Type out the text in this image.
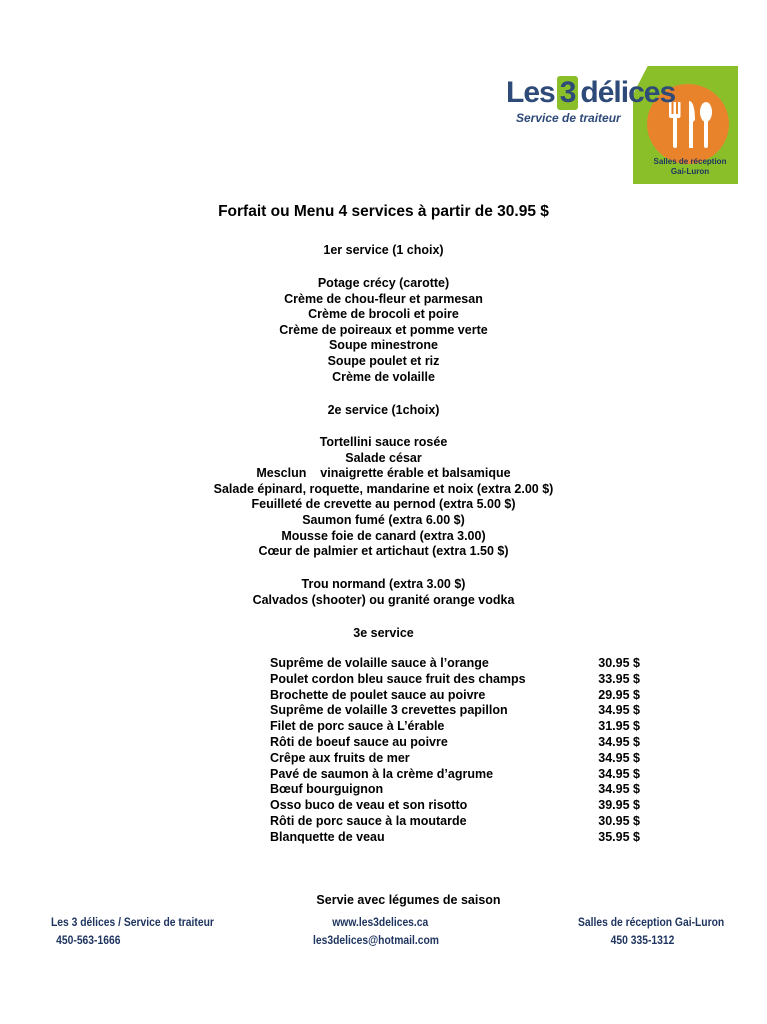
Les 3 délices
Service de traiteur
Salles de réception
Gai-Luron
Forfait ou Menu 4 services à partir de 30.95 $
1er service (1 choix)
Potage crécy (carotte)
Crème de chou-fleur et parmesan
Crème de brocoli et poire
Crème de poireaux et pomme verte
Soupe minestrone
Soupe poulet et riz
Crème de volaille
2e service (1choix)
Tortellini sauce rosée
Salade césar
Mesclun    vinaigrette érable et balsamique
Salade épinard, roquette, mandarine et noix (extra 2.00 $)
Feuilleté de crevette au pernod (extra 5.00 $)
Saumon fumé (extra 6.00 $)
Mousse foie de canard (extra 3.00)
Cœur de palmier et artichaut (extra 1.50 $)
Trou normand (extra 3.00 $)
Calvados (shooter) ou granité orange vodka
3e service
Suprême de volaille sauce à l’orange	30.95 $
Poulet cordon bleu sauce fruit des champs	33.95 $
Brochette de poulet sauce au poivre	29.95 $
Suprême de volaille 3 crevettes papillon	34.95 $
Filet de porc sauce à L’érable	31.95 $
Rôti de boeuf sauce au poivre	34.95 $
Crêpe aux fruits de mer	34.95 $
Pavé de saumon à la crème d’agrume	34.95 $
Bœuf bourguignon	34.95 $
Osso buco de veau et son risotto	39.95 $
Rôti de porc sauce à la moutarde	30.95 $
Blanquette de veau	35.95 $
Servie avec légumes de saison
Les 3 délices / Service de traiteur
450-563-1666
www.les3delices.ca
les3delices@hotmail.com
Salles de réception Gai-Luron
450 335-1312
